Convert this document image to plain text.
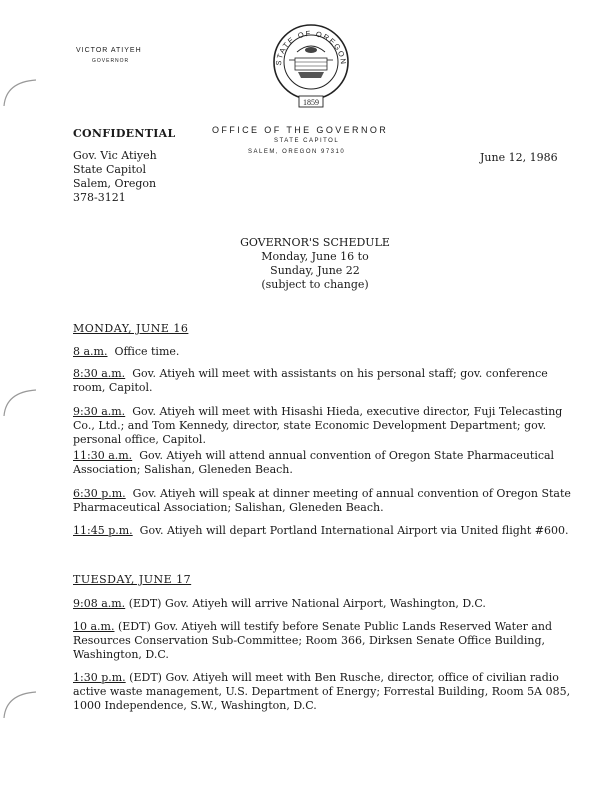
VICTOR ATIYEH
GOVERNOR	STATE OF OREGON
1859
CONFIDENTIAL
Gov. Vic Atiyeh
State Capitol
Salem, Oregon
378-3121
OFFICE OF THE GOVERNOR
STATE CAPITOL
SALEM, OREGON 97310	June 12, 1986
GOVERNOR'S SCHEDULE
Monday, June 16 to
Sunday, June 22
(subject to change)
MONDAY, JUNE 16
8 a.m. Office time.
8:30 a.m. Gov. Atiyeh will meet with assistants on his personal staff; gov. conference room, Capitol.
9:30 a.m. Gov. Atiyeh will meet with Hisashi Hieda, executive director, Fuji Telecasting Co., Ltd.; and Tom Kennedy, director, state Economic Development Department; gov. personal office, Capitol.
11:30 a.m. Gov. Atiyeh will attend annual convention of Oregon State Pharmaceutical Association; Salishan, Gleneden Beach.
6:30 p.m. Gov. Atiyeh will speak at dinner meeting of annual convention of Oregon State Pharmaceutical Association; Salishan, Gleneden Beach.
11:45 p.m. Gov. Atiyeh will depart Portland International Airport via United flight #600.
TUESDAY, JUNE 17
9:08 a.m. (EDT) Gov. Atiyeh will arrive National Airport, Washington, D.C.
10 a.m. (EDT) Gov. Atiyeh will testify before Senate Public Lands Reserved Water and Resources Conservation Sub-Committee; Room 366, Dirksen Senate Office Building, Washington, D.C.
1:30 p.m. (EDT) Gov. Atiyeh will meet with Ben Rusche, director, office of civilian radio active waste management, U.S. Department of Energy; Forrestal Building, Room 5A 085, 1000 Independence, S.W., Washington, D.C.
